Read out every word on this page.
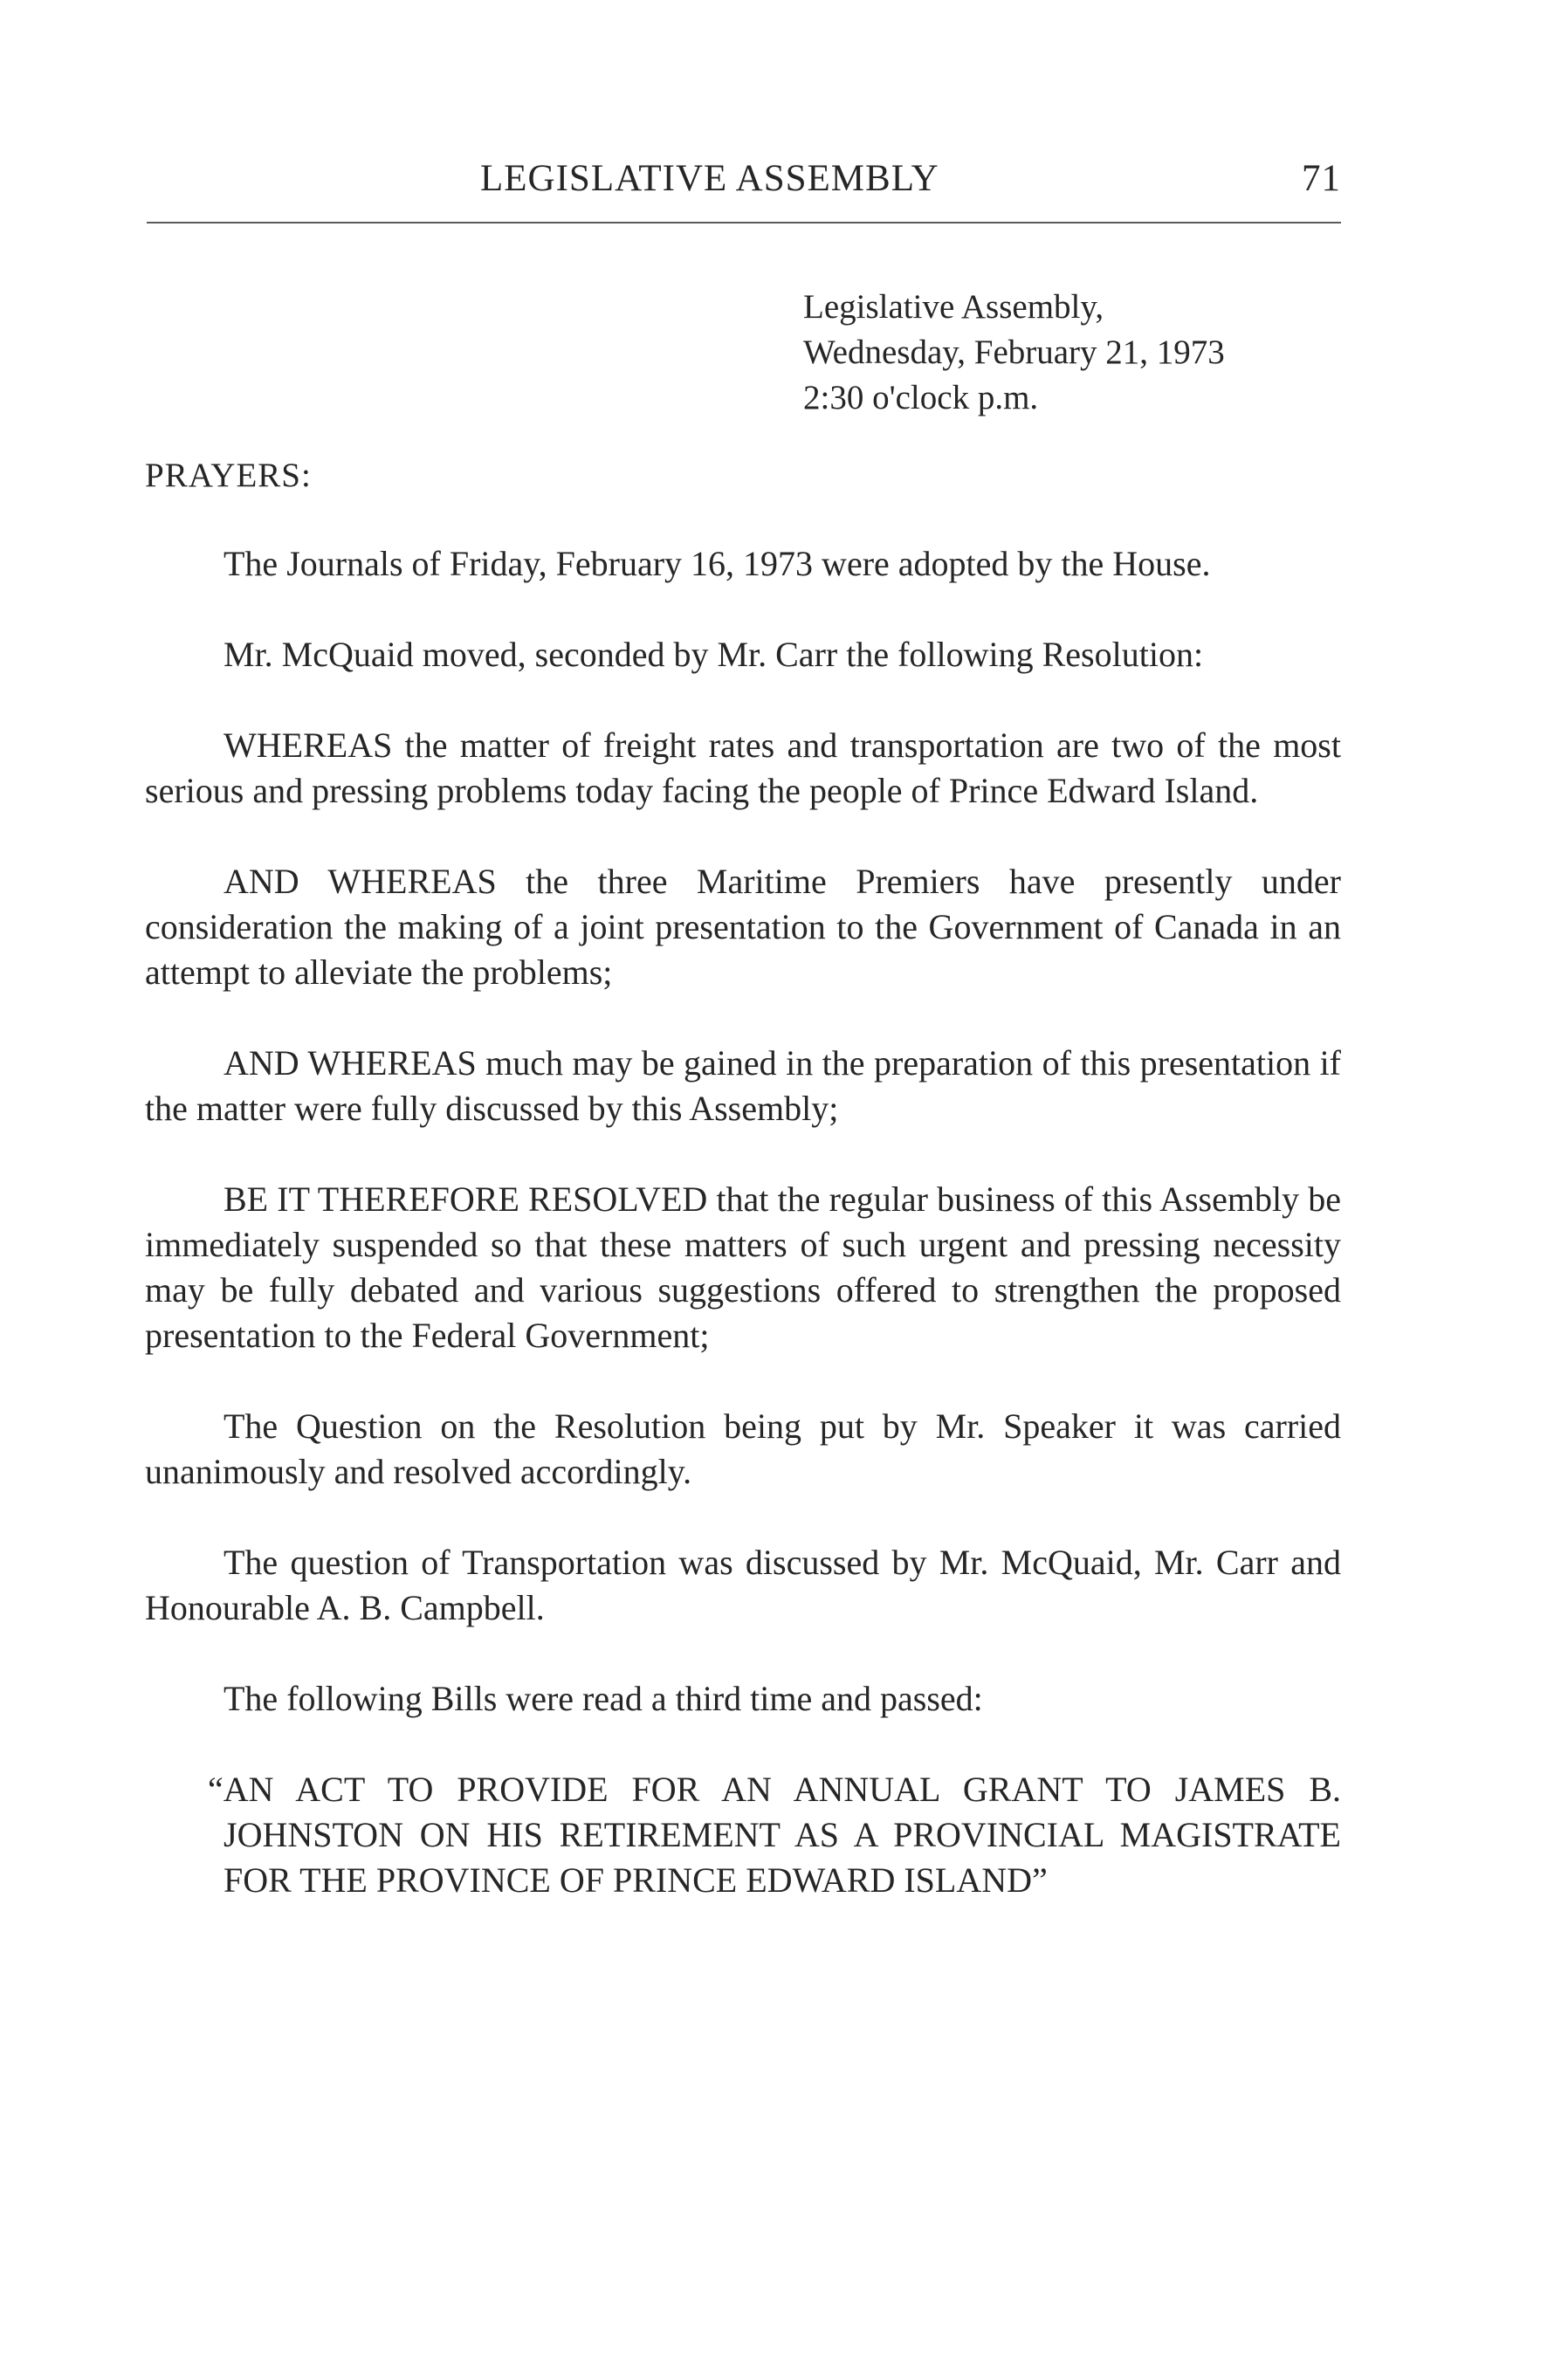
LEGISLATIVE ASSEMBLY	71
Legislative Assembly,
Wednesday, February 21, 1973
2:30 o'clock p.m.
PRAYERS:

The Journals of Friday, February 16, 1973 were adopted by the House.

Mr. McQuaid moved, seconded by Mr. Carr the following Resolution:

WHEREAS the matter of freight rates and transportation are two of the most serious and pressing problems today facing the people of Prince Edward Island.

AND WHEREAS the three Maritime Premiers have presently under consideration the making of a joint presentation to the Government of Canada in an attempt to alleviate the problems;

AND WHEREAS much may be gained in the preparation of this presentation if the matter were fully discussed by this Assembly;

BE IT THEREFORE RESOLVED that the regular business of this Assembly be immediately suspended so that these matters of such urgent and pressing necessity may be fully debated and various suggestions offered to strengthen the proposed presentation to the Federal Government;

The Question on the Resolution being put by Mr. Speaker it was carried unanimously and resolved accordingly.

The question of Transportation was discussed by Mr. McQuaid, Mr. Carr and Honourable A. B. Campbell.

The following Bills were read a third time and passed:

“AN ACT TO PROVIDE FOR AN ANNUAL GRANT TO JAMES B. JOHNSTON ON HIS RETIREMENT AS A PROVINCIAL MAGISTRATE FOR THE PROVINCE OF PRINCE EDWARD ISLAND”
